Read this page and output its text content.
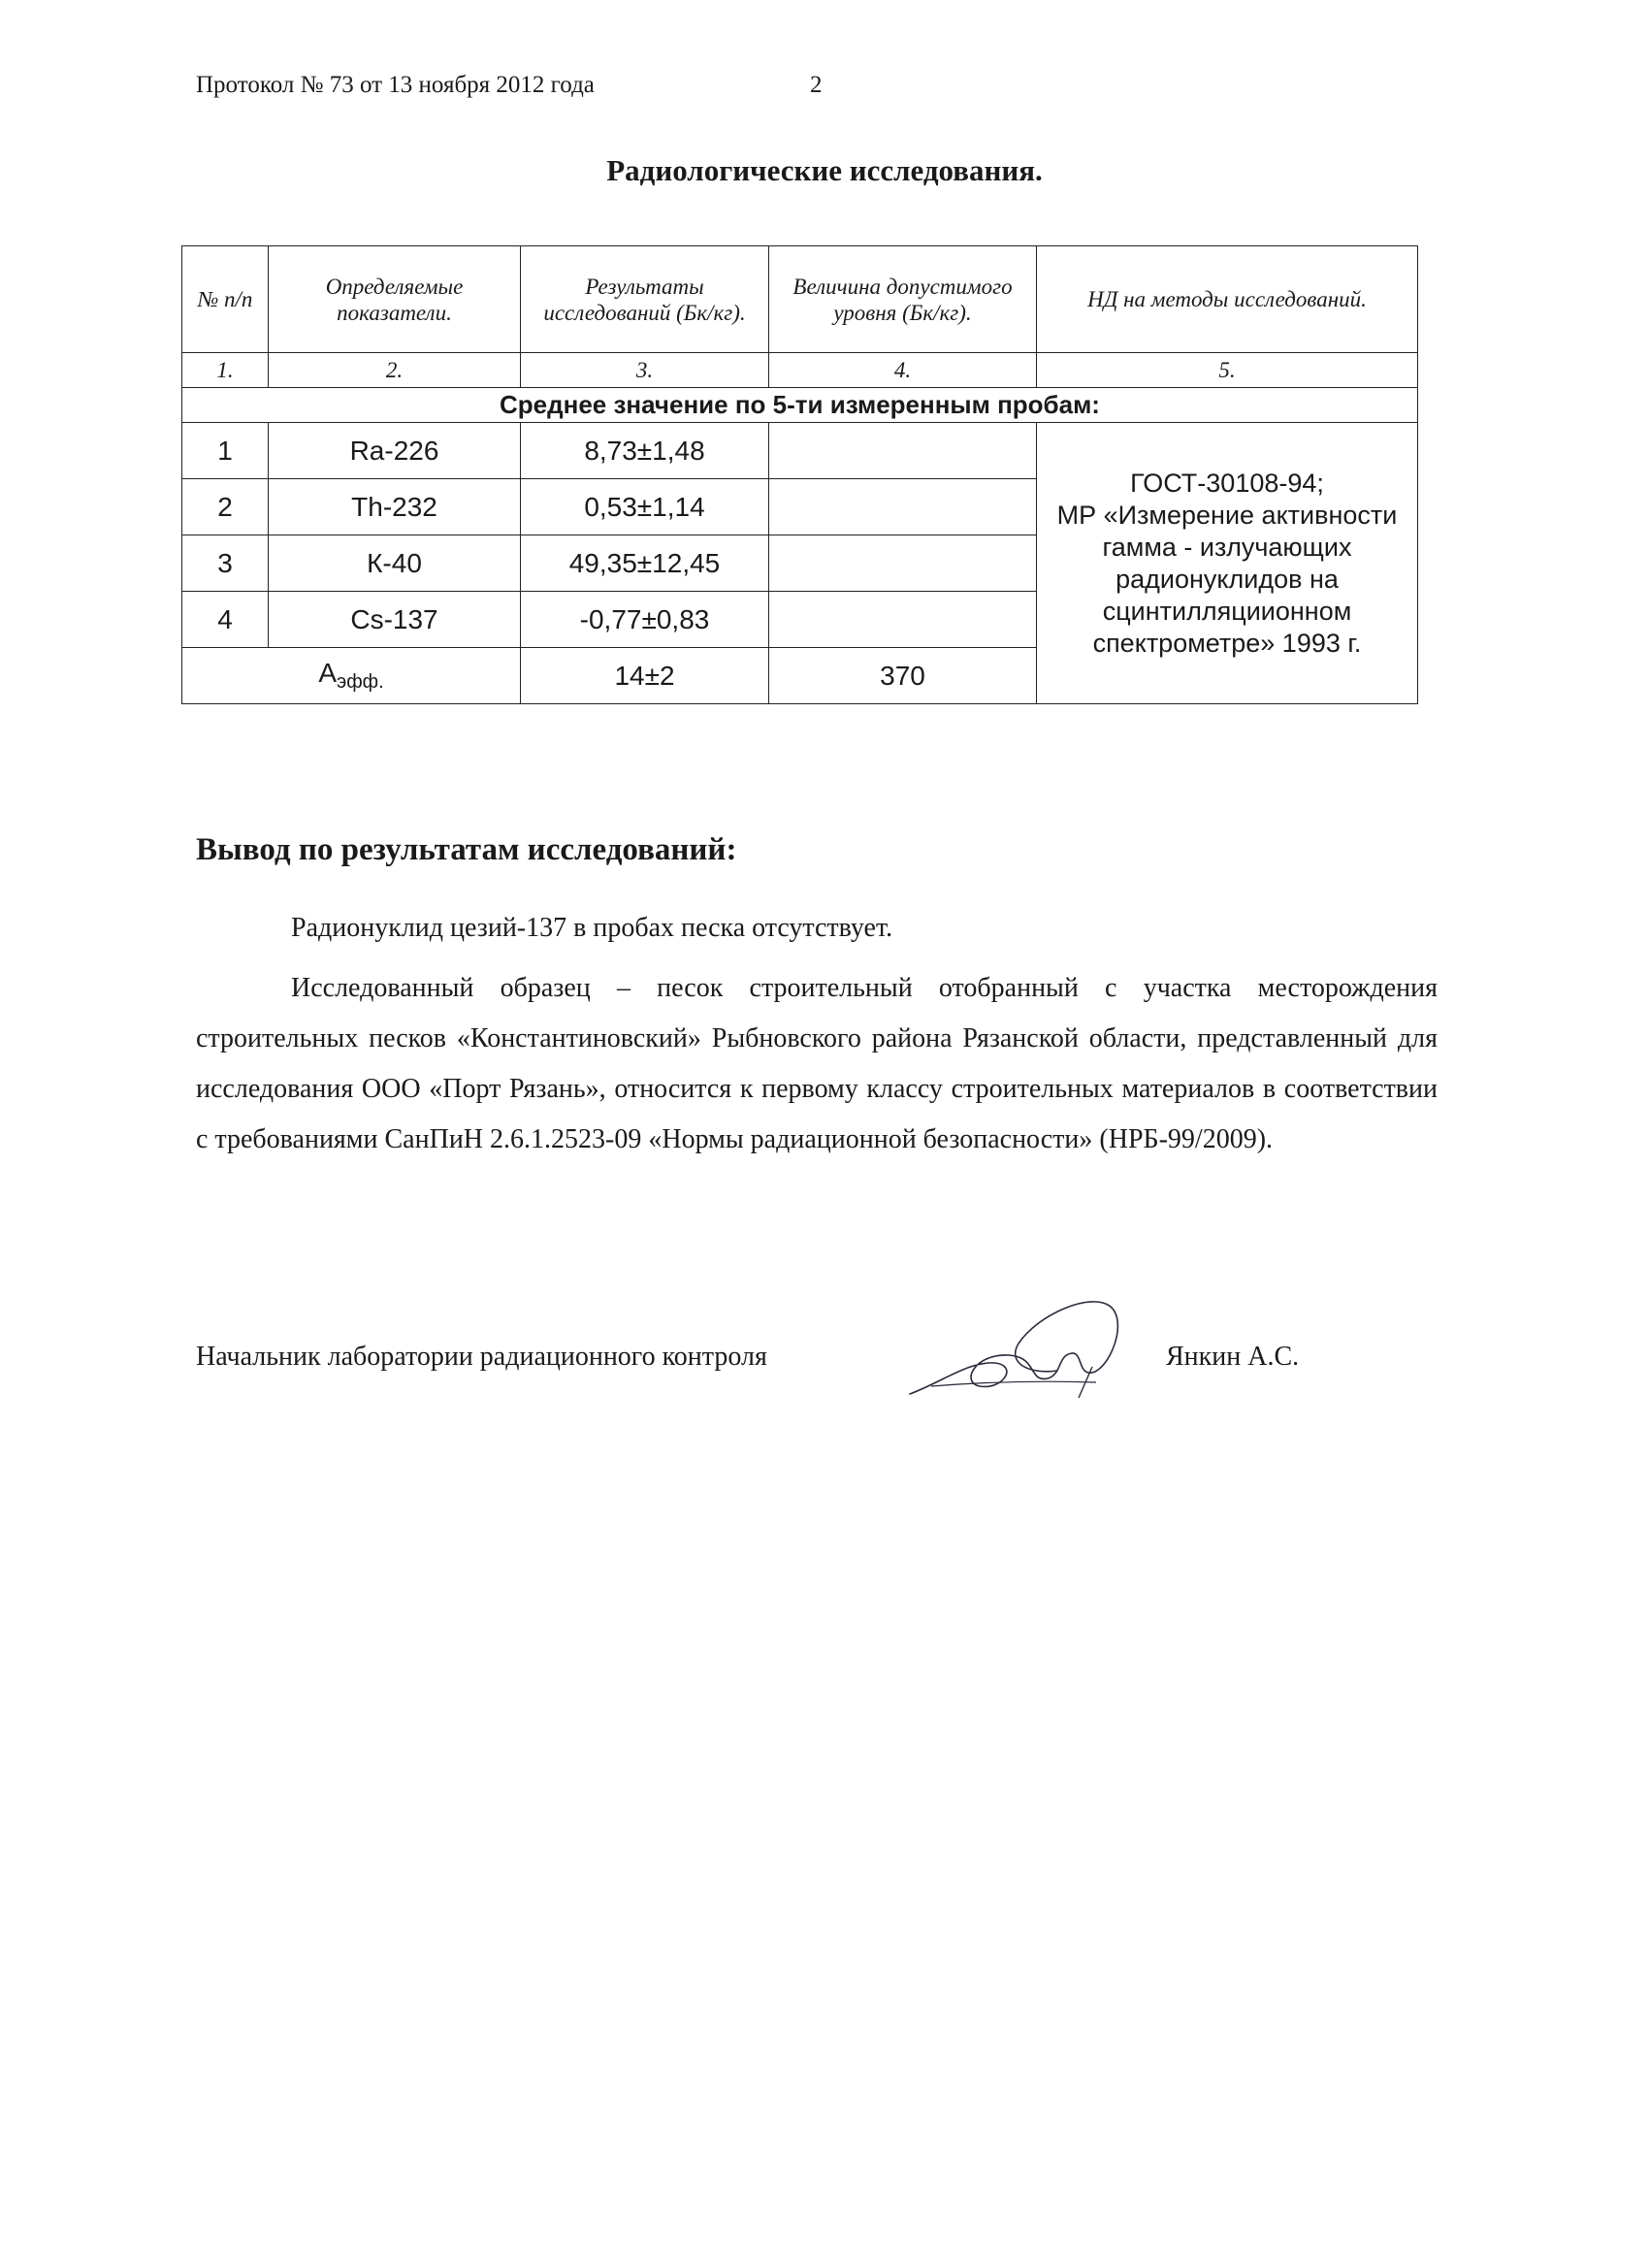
Протокол № 73 от 13 ноября 2012 года	2
Радиологические исследования.
№ п/п	Определяемые показатели.	Результаты исследований (Бк/кг).	Величина допустимого уровня (Бк/кг).	НД на методы исследований.
1.	2.	3.	4.	5.
Среднее значение по 5-ти измеренным пробам:				
1	Ra-226	8,73±1,48		ГОСТ-30108-94;
МР «Измерение активности гамма - излучающих радионуклидов на сцинтилляциионном спектрометре» 1993 г.

2	Th-232	0,53±1,14		
3	К-40	49,35±12,45		
4	Cs-137	-0,77±0,83		
$А_{эфф.}$		14±2	370	
Вывод по результатам исследований:
Радионуклид цезий-137 в пробах песка отсутствует.
Исследованный образец – песок строительный отобранный с участка месторождения строительных песков «Константиновский» Рыбновского района Рязанской области, представленный для исследования ООО «Порт Рязань», относится к первому классу строительных материалов в соответствии с требованиями СанПиН 2.6.1.2523-09 «Нормы радиационной безопасности» (НРБ-99/2009).
Начальник лаборатории радиационного контроля	Янкин А.С.
